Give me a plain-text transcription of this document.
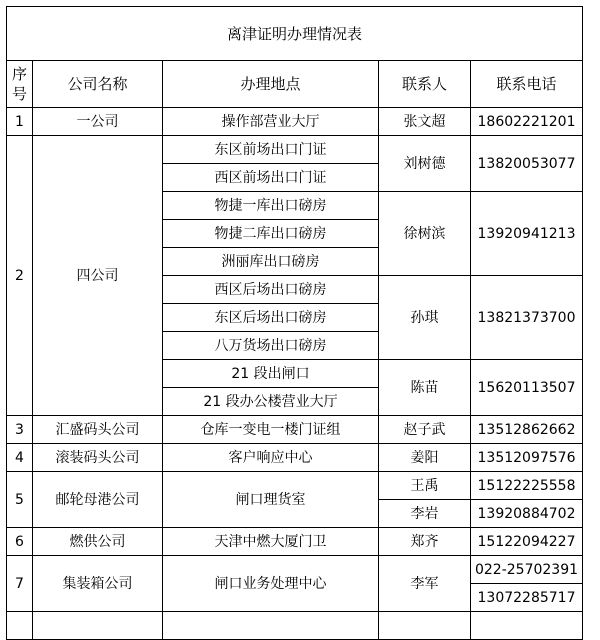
离津证明办理情况表				
序
号	公司名称	办理地点	联系人	联系电话
1	一公司	操作部营业大厅	张文超	18602221201
2	四公司	东区前场出口门证	刘树德	13820053077
		西区前场出口门证		
		物捷一库出口磅房	徐树滨	13920941213
		物捷二库出口磅房		
		洲丽库出口磅房		
		西区后场出口磅房	孙琪	13821373700
		东区后场出口磅房		
		八万货场出口磅房		
		21 段出闸口	陈苗	15620113507
		21 段办公楼营业大厅		
3	汇盛码头公司	仓库一变电一楼门证组	赵子武	13512862662
4	滚装码头公司	客户响应中心	姜阳	13512097576
5	邮轮母港公司	闸口理货室	王禹	15122225558
			李岩	13920884702
6	燃供公司	天津中燃大厦门卫	郑齐	15122094227
7	集装箱公司	闸口业务处理中心	李军	022-25702391
				13072285717
